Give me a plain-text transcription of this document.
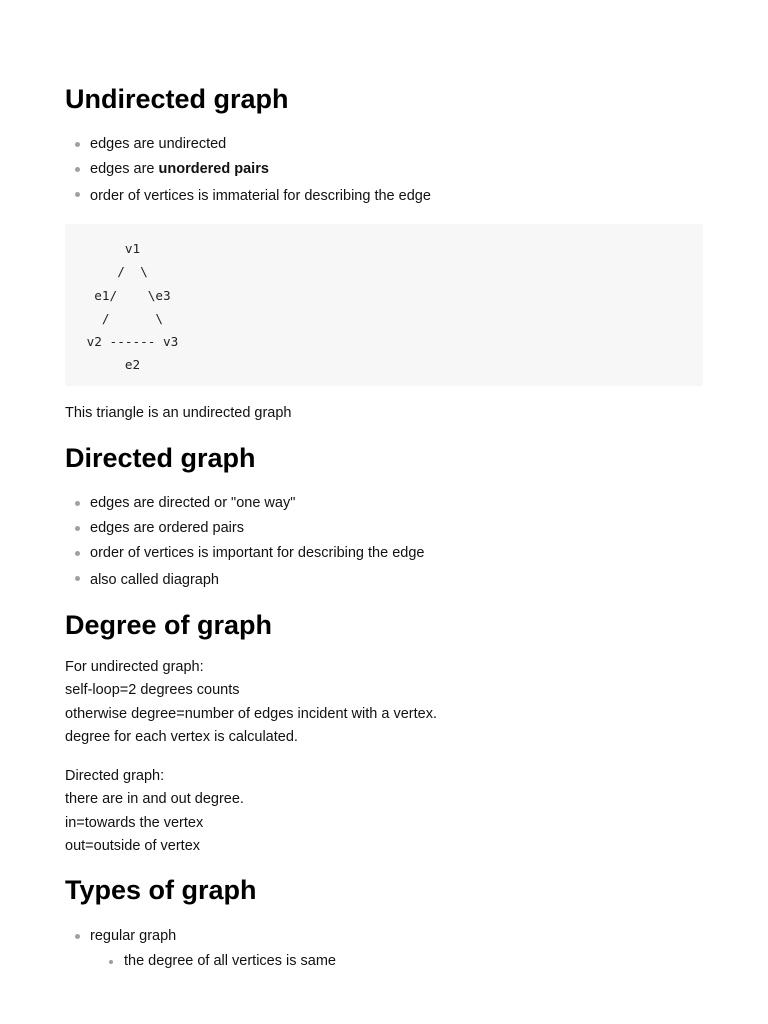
Undirected graph
edges are undirected
edges are unordered pairs
order of vertices is immaterial for describing the edge
v1
/  \
e1/    \e3
/      \
v2 ------ v3
e2

This triangle is an undirected graph

Directed graph
edges are directed or "one way"
edges are ordered pairs
order of vertices is important for describing the edge
also called diagraph
Degree of graph

For undirected graph:
self-loop=2 degrees counts
otherwise degree=number of edges incident with a vertex.
degree for each vertex is calculated.

Directed graph:
there are in and out degree.
in=towards the vertex
out=outside of vertex

Types of graph
regular graph
the degree of all vertices is same
